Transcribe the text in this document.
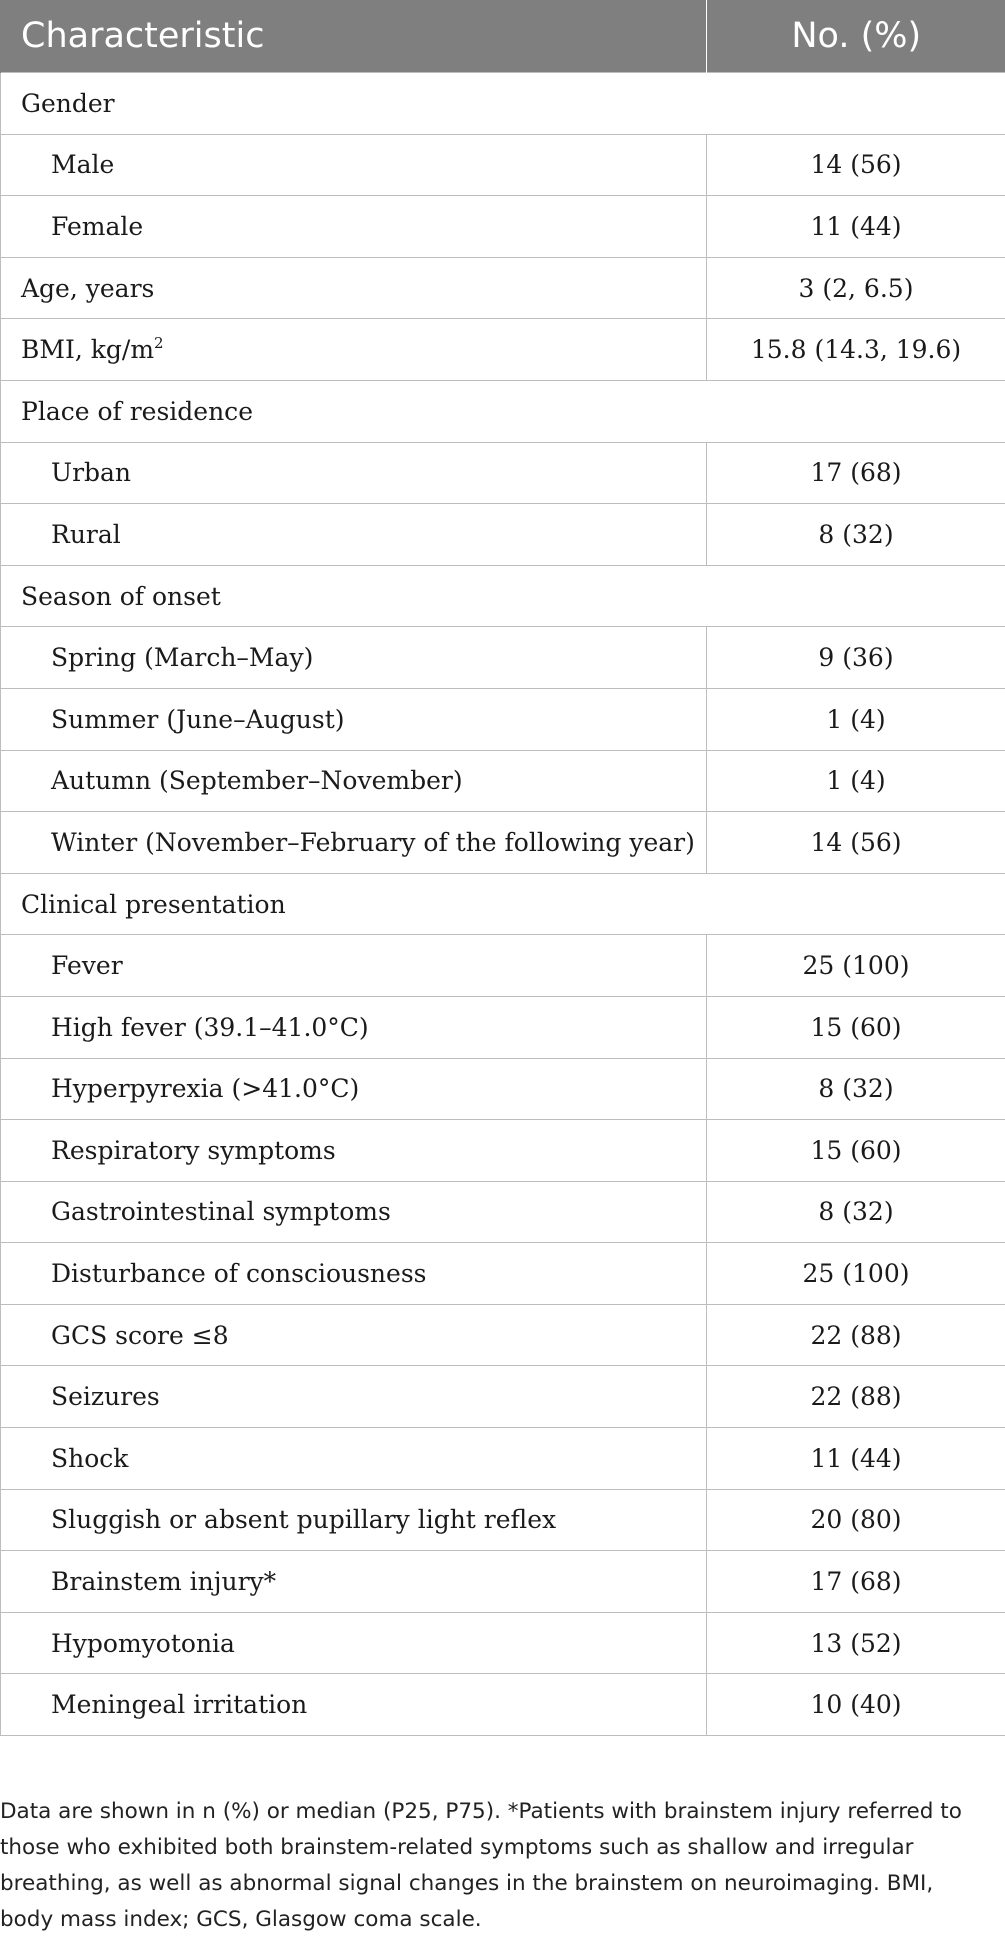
Characteristic	No. (%)
Gender	
Male	14 (56)
Female	11 (44)
Age, years	3 (2, 6.5)
BMI, $kg/m^2$	15.8 (14.3, 19.6)
Place of residence	
Urban	17 (68)
Rural	8 (32)
Season of onset	
Spring (March–May)	9 (36)
Summer (June–August)	1 (4)
Autumn (September–November)	1 (4)
Winter (November–February of the following year)	14 (56)
Clinical presentation	
Fever	25 (100)
High fever (39.1–41.0°C)	15 (60)
Hyperpyrexia (>41.0°C)	8 (32)
Respiratory symptoms	15 (60)
Gastrointestinal symptoms	8 (32)
Disturbance of consciousness	25 (100)
GCS score ≤8	22 (88)
Seizures	22 (88)
Shock	11 (44)
Sluggish or absent pupillary light reflex	20 (80)
Brainstem injury*	17 (68)
Hypomyotonia	13 (52)
Meningeal irritation	10 (40)

Data are shown in n (%) or median (P25, P75). *Patients with brainstem injury referred to those who exhibited both brainstem-related symptoms such as shallow and irregular breathing, as well as abnormal signal changes in the brainstem on neuroimaging. BMI, body mass index; GCS, Glasgow coma scale.
